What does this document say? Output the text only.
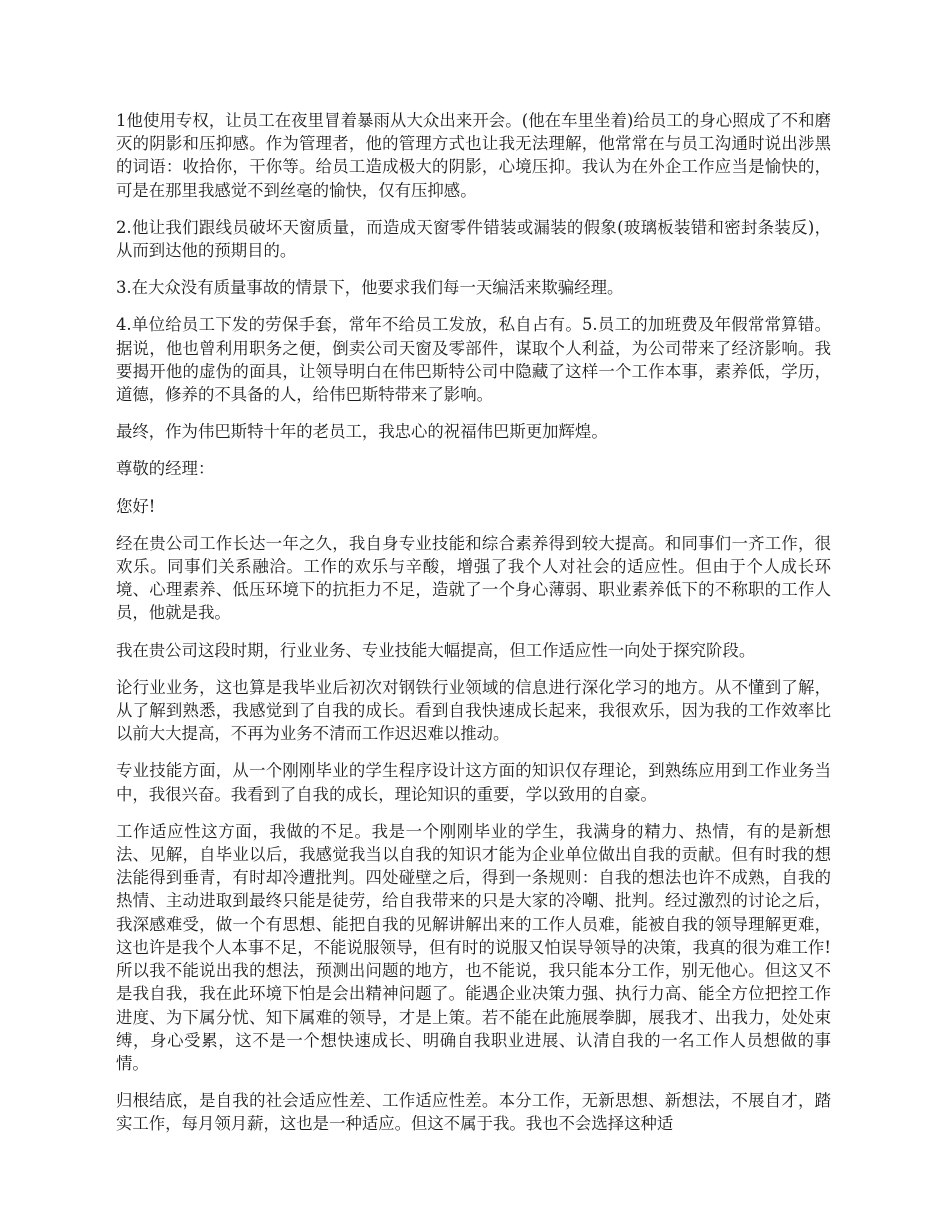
1他使用专权，让员工在夜里冒着暴雨从大众出来开会。(他在车里坐着)给员工的身心照成了不和磨灭的阴影和压抑感。作为管理者，他的管理方式也让我无法理解，他常常在与员工沟通时说出涉黑的词语：收拾你，干你等。给员工造成极大的阴影，心境压抑。我认为在外企工作应当是愉快的，可是在那里我感觉不到丝毫的愉快，仅有压抑感。

2.他让我们跟线员破坏天窗质量，而造成天窗零件错装或漏装的假象(玻璃板装错和密封条装反)，从而到达他的预期目的。

3.在大众没有质量事故的情景下，他要求我们每一天编活来欺骗经理。

4.单位给员工下发的劳保手套，常年不给员工发放，私自占有。5.员工的加班费及年假常常算错。据说，他也曾利用职务之便，倒卖公司天窗及零部件，谋取个人利益，为公司带来了经济影响。我要揭开他的虚伪的面具，让领导明白在伟巴斯特公司中隐藏了这样一个工作本事，素养低，学历，道德，修养的不具备的人，给伟巴斯特带来了影响。

最终，作为伟巴斯特十年的老员工，我忠心的祝福伟巴斯更加辉煌。

尊敬的经理：

您好!

经在贵公司工作长达一年之久，我自身专业技能和综合素养得到较大提高。和同事们一齐工作，很欢乐。同事们关系融洽。工作的欢乐与辛酸，增强了我个人对社会的适应性。但由于个人成长环境、心理素养、低压环境下的抗拒力不足，造就了一个身心薄弱、职业素养低下的不称职的工作人员，他就是我。

我在贵公司这段时期，行业业务、专业技能大幅提高，但工作适应性一向处于探究阶段。

论行业业务，这也算是我毕业后初次对钢铁行业领域的信息进行深化学习的地方。从不懂到了解，从了解到熟悉，我感觉到了自我的成长。看到自我快速成长起来，我很欢乐，因为我的工作效率比以前大大提高，不再为业务不清而工作迟迟难以推动。

专业技能方面，从一个刚刚毕业的学生程序设计这方面的知识仅存理论，到熟练应用到工作业务当中，我很兴奋。我看到了自我的成长，理论知识的重要，学以致用的自豪。

工作适应性这方面，我做的不足。我是一个刚刚毕业的学生，我满身的精力、热情，有的是新想法、见解，自毕业以后，我感觉我当以自我的知识才能为企业单位做出自我的贡献。但有时我的想法能得到垂青，有时却冷遭批判。四处碰壁之后，得到一条规则：自我的想法也许不成熟，自我的热情、主动进取到最终只能是徒劳，给自我带来的只是大家的冷嘲、批判。经过激烈的讨论之后，我深感难受，做一个有思想、能把自我的见解讲解出来的工作人员难，能被自我的领导理解更难，这也许是我个人本事不足，不能说服领导，但有时的说服又怕误导领导的决策，我真的很为难工作!所以我不能说出我的想法，预测出问题的地方，也不能说，我只能本分工作，别无他心。但这又不是我自我，我在此环境下怕是会出精神问题了。能遇企业决策力强、执行力高、能全方位把控工作进度、为下属分忧、知下属难的领导，才是上策。若不能在此施展拳脚，展我才、出我力，处处束缚，身心受累，这不是一个想快速成长、明确自我职业进展、认清自我的一名工作人员想做的事情。

归根结底，是自我的社会适应性差、工作适应性差。本分工作，无新思想、新想法，不展自才，踏实工作，每月领月薪，这也是一种适应。但这不属于我。我也不会选择这种适
